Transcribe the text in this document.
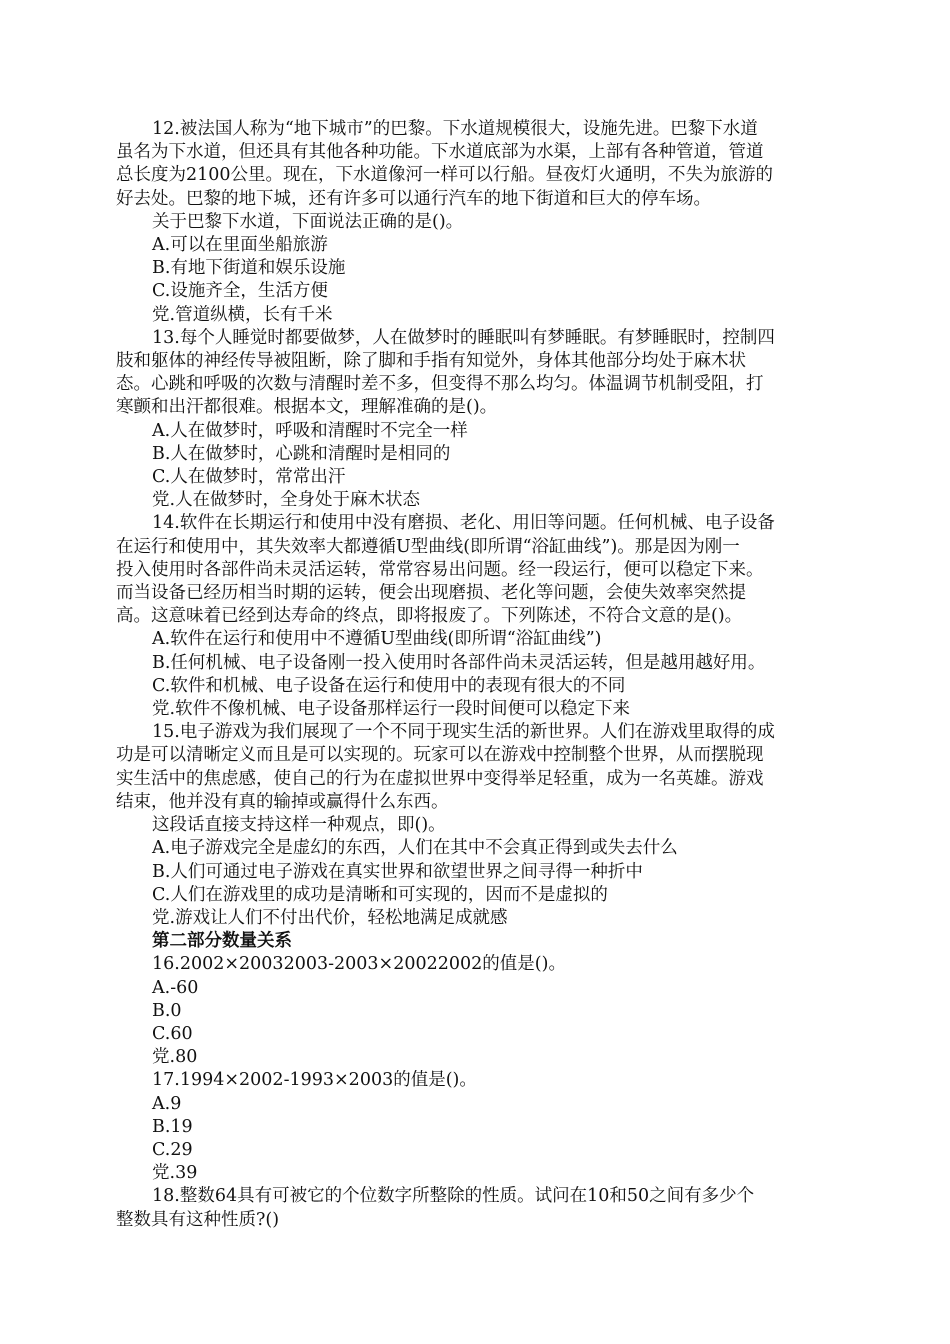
12.被法国人称为“地下城市”的巴黎。下水道规模很大，设施先进。巴黎下水道

虽名为下水道，但还具有其他各种功能。下水道底部为水渠，上部有各种管道，管道

总长度为2100公里。现在，下水道像河一样可以行船。昼夜灯火通明，不失为旅游的

好去处。巴黎的地下城，还有许多可以通行汽车的地下街道和巨大的停车场。

关于巴黎下水道，下面说法正确的是()。

A.可以在里面坐船旅游

B.有地下街道和娱乐设施

C.设施齐全，生活方便

党.管道纵横，长有千米

13.每个人睡觉时都要做梦，人在做梦时的睡眠叫有梦睡眠。有梦睡眠时，控制四

肢和躯体的神经传导被阻断，除了脚和手指有知觉外，身体其他部分均处于麻木状

态。心跳和呼吸的次数与清醒时差不多，但变得不那么均匀。体温调节机制受阻，打

寒颤和出汗都很难。根据本文，理解准确的是()。

A.人在做梦时，呼吸和清醒时不完全一样

B.人在做梦时，心跳和清醒时是相同的

C.人在做梦时，常常出汗

党.人在做梦时，全身处于麻木状态

14.软件在长期运行和使用中没有磨损、老化、用旧等问题。任何机械、电子设备

在运行和使用中，其失效率大都遵循U型曲线(即所谓“浴缸曲线”)。那是因为刚一

投入使用时各部件尚未灵活运转，常常容易出问题。经一段运行，便可以稳定下来。

而当设备已经历相当时期的运转，便会出现磨损、老化等问题，会使失效率突然提

高。这意味着已经到达寿命的终点，即将报废了。下列陈述，不符合文意的是()。

A.软件在运行和使用中不遵循U型曲线(即所谓“浴缸曲线”)

B.任何机械、电子设备刚一投入使用时各部件尚未灵活运转，但是越用越好用。

C.软件和机械、电子设备在运行和使用中的表现有很大的不同

党.软件不像机械、电子设备那样运行一段时间便可以稳定下来

15.电子游戏为我们展现了一个不同于现实生活的新世界。人们在游戏里取得的成

功是可以清晰定义而且是可以实现的。玩家可以在游戏中控制整个世界，从而摆脱现

实生活中的焦虑感，使自己的行为在虚拟世界中变得举足轻重，成为一名英雄。游戏

结束，他并没有真的输掉或赢得什么东西。

这段话直接支持这样一种观点，即()。

A.电子游戏完全是虚幻的东西，人们在其中不会真正得到或失去什么

B.人们可通过电子游戏在真实世界和欲望世界之间寻得一种折中

C.人们在游戏里的成功是清晰和可实现的，因而不是虚拟的

党.游戏让人们不付出代价，轻松地满足成就感

第二部分数量关系

16.2002×20032003-2003×20022002的值是()。

A.-60

B.0

C.60

党.80

17.1994×2002-1993×2003的值是()。

A.9

B.19

C.29

党.39

18.整数64具有可被它的个位数字所整除的性质。试问在10和50之间有多少个

整数具有这种性质?()
